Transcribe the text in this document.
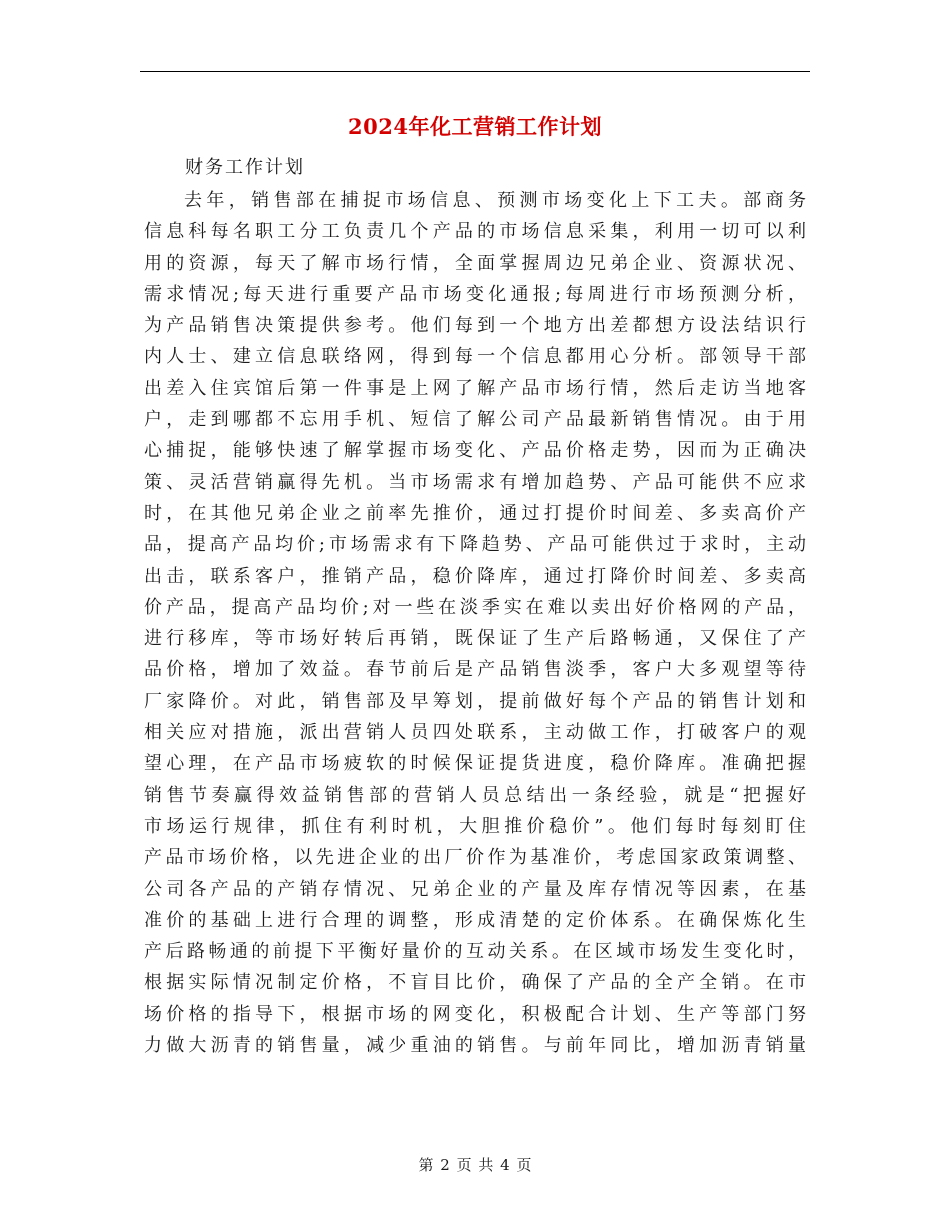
2024年化工营销工作计划
财务工作计划
去年，销售部在捕捉市场信息、预测市场变化上下工夫。部商务
信息科每名职工分工负责几个产品的市场信息采集，利用一切可以利
用的资源，每天了解市场行情，全面掌握周边兄弟企业、资源状况、
需求情况;每天进行重要产品市场变化通报;每周进行市场预测分析，
为产品销售决策提供参考。他们每到一个地方出差都想方设法结识行
内人士、建立信息联络网，得到每一个信息都用心分析。部领导干部
出差入住宾馆后第一件事是上网了解产品市场行情，然后走访当地客
户，走到哪都不忘用手机、短信了解公司产品最新销售情况。由于用
心捕捉，能够快速了解掌握市场变化、产品价格走势，因而为正确决
策、灵活营销赢得先机。当市场需求有增加趋势、产品可能供不应求
时，在其他兄弟企业之前率先推价，通过打提价时间差、多卖高价产
品，提高产品均价;市场需求有下降趋势、产品可能供过于求时，主动
出击，联系客户，推销产品，稳价降库，通过打降价时间差、多卖高
价产品，提高产品均价;对一些在淡季实在难以卖出好价格网的产品，
进行移库，等市场好转后再销，既保证了生产后路畅通，又保住了产
品价格，增加了效益。春节前后是产品销售淡季，客户大多观望等待
厂家降价。对此，销售部及早筹划，提前做好每个产品的销售计划和
相关应对措施，派出营销人员四处联系，主动做工作，打破客户的观
望心理，在产品市场疲软的时候保证提货进度，稳价降库。准确把握
销售节奏赢得效益销售部的营销人员总结出一条经验，就是“把握好
市场运行规律，抓住有利时机，大胆推价稳价”。他们每时每刻盯住
产品市场价格，以先进企业的出厂价作为基准价，考虑国家政策调整、
公司各产品的产销存情况、兄弟企业的产量及库存情况等因素，在基
准价的基础上进行合理的调整，形成清楚的定价体系。在确保炼化生
产后路畅通的前提下平衡好量价的互动关系。在区域市场发生变化时，
根据实际情况制定价格，不盲目比价，确保了产品的全产全销。在市
场价格的指导下，根据市场的网变化，积极配合计划、生产等部门努
力做大沥青的销售量，减少重油的销售。与前年同比，增加沥青销量
第 2 页 共 4 页
